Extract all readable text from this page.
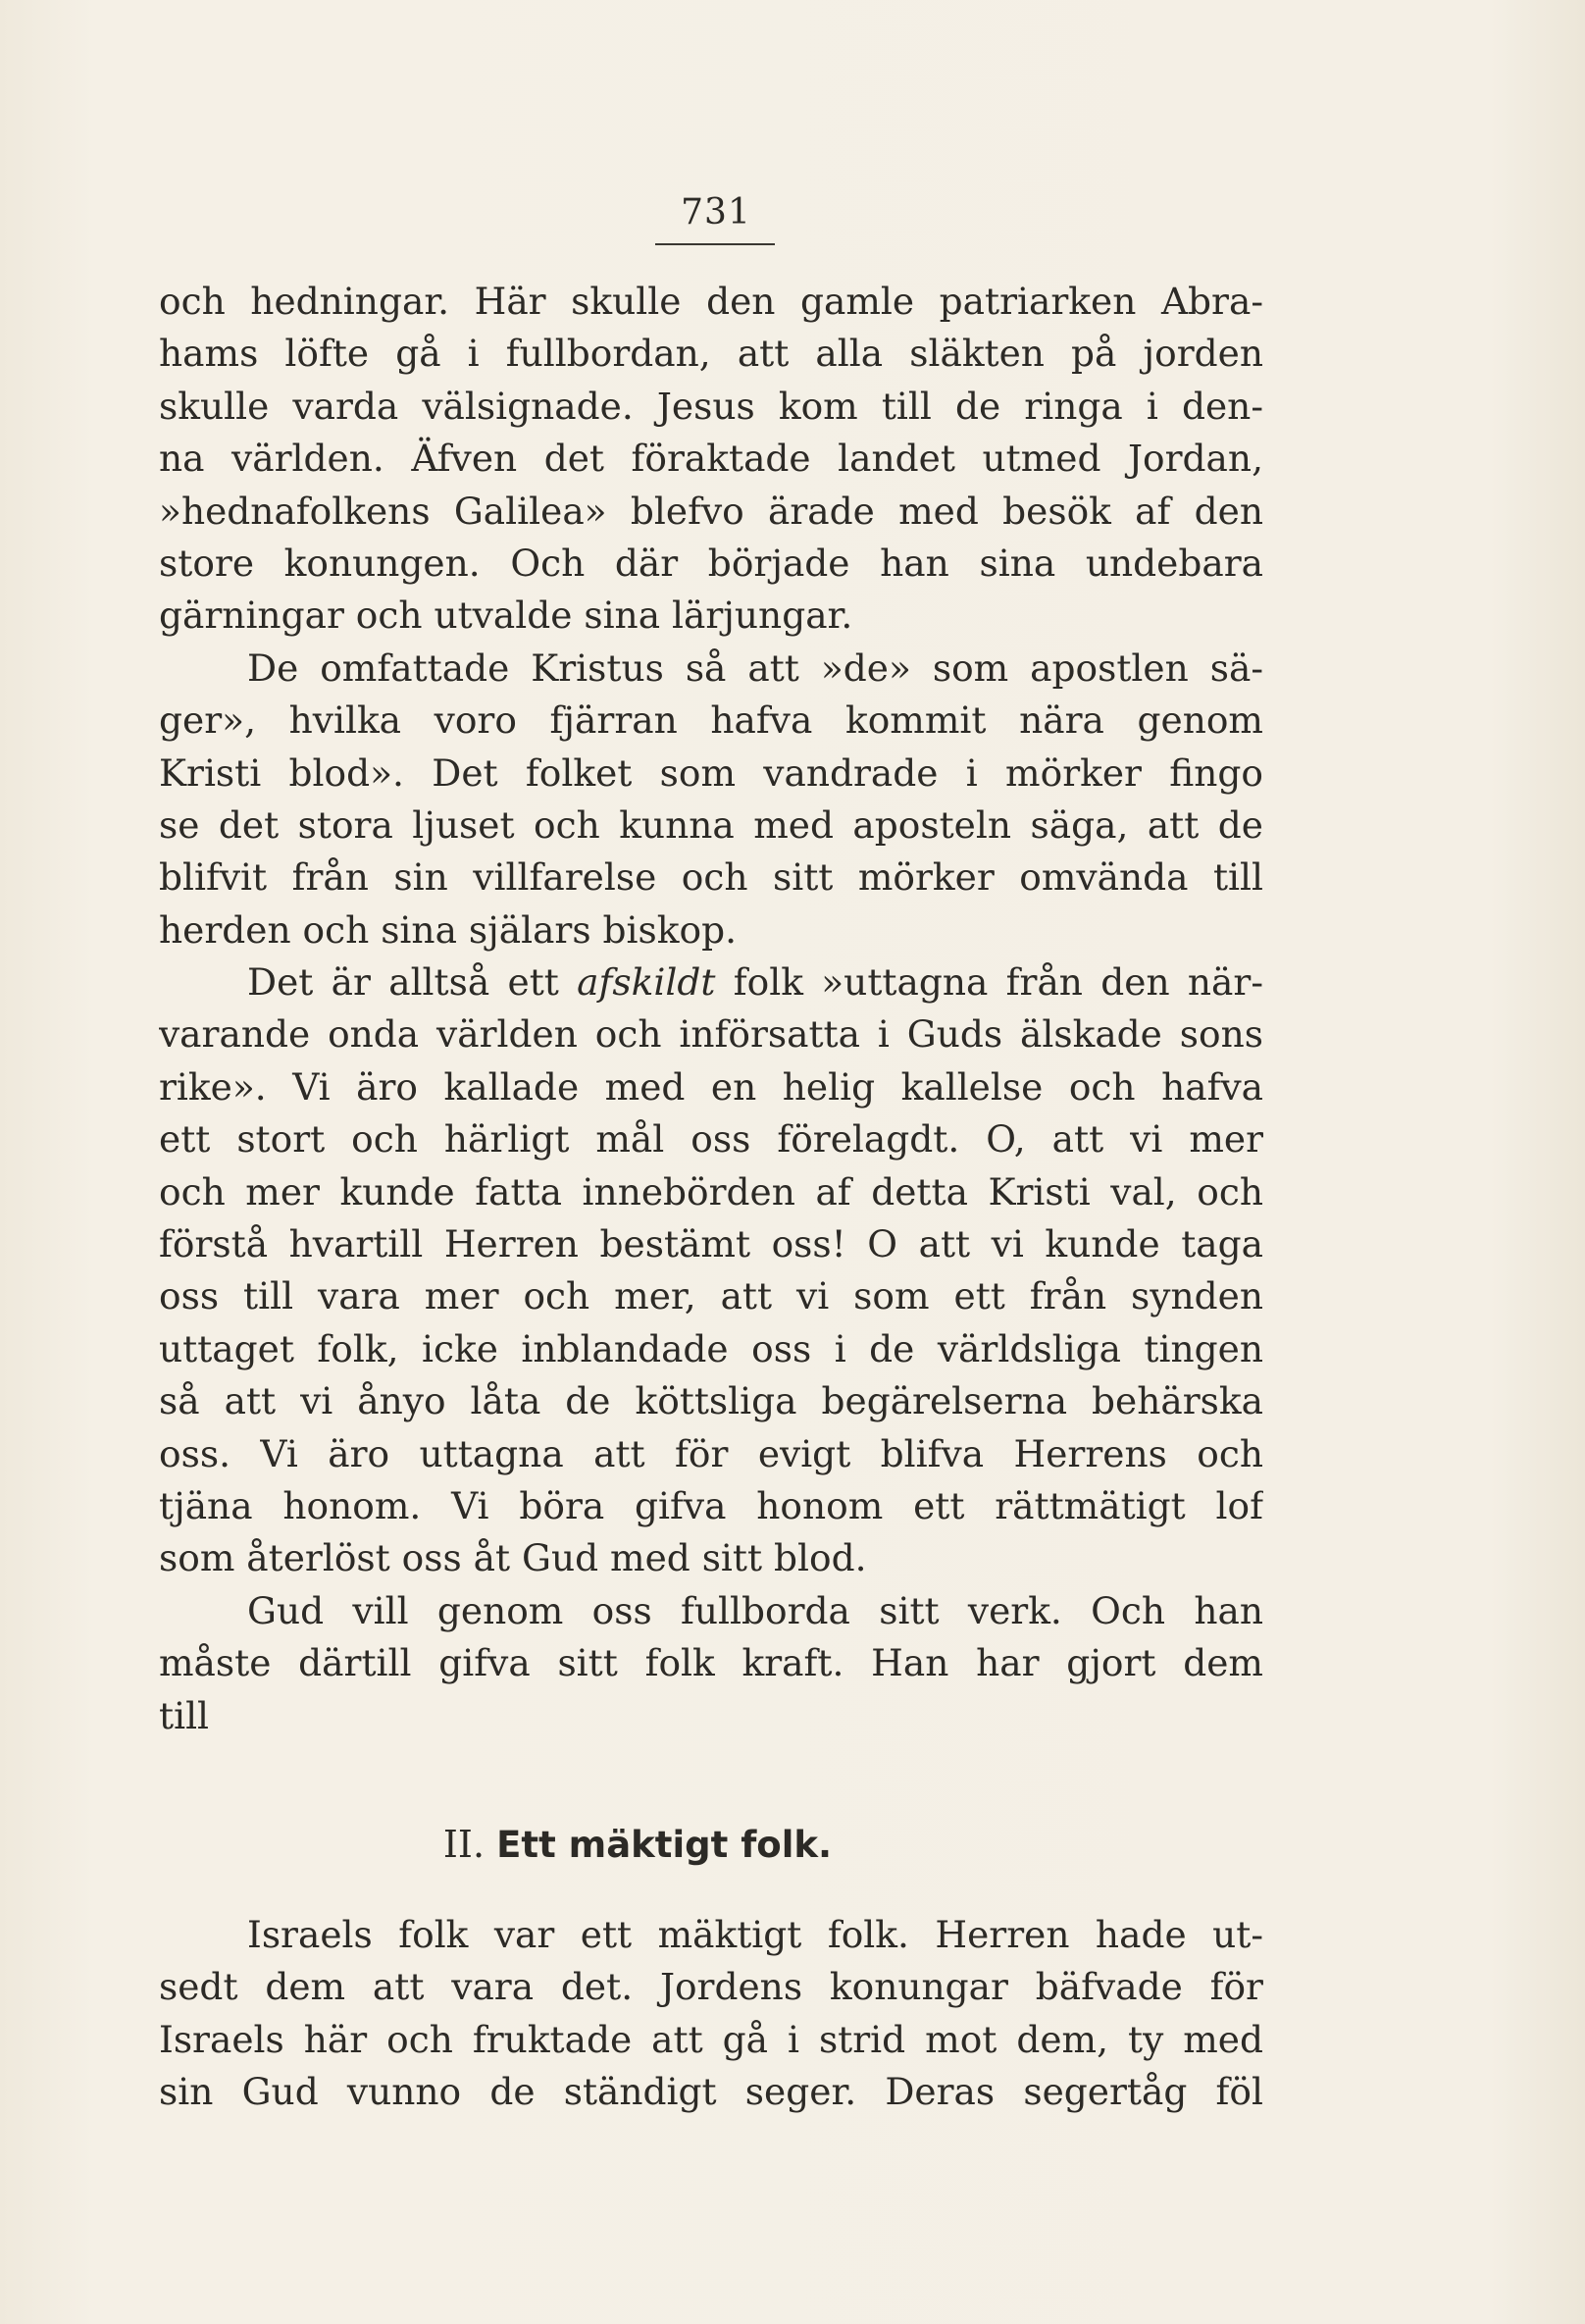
731
och hedningar. Här skulle den gamle patriarken Abra-
hams löfte gå i fullbordan, att alla släkten på jorden
skulle varda välsignade. Jesus kom till de ringa i den-
na världen. Äfven det föraktade landet utmed Jordan,
»hednafolkens Galilea» blefvo ärade med besök af den
store konungen. Och där började han sina undebara
gärningar och utvalde sina lärjungar.
De omfattade Kristus så att »de» som apostlen sä-
ger», hvilka voro fjärran hafva kommit nära genom
Kristi blod». Det folket som vandrade i mörker fingo
se det stora ljuset och kunna med aposteln säga, att de
blifvit från sin villfarelse och sitt mörker omvända till
herden och sina själars biskop.
Det är alltså ett afskildt folk »uttagna från den när-
varande onda världen och införsatta i Guds älskade sons
rike». Vi äro kallade med en helig kallelse och hafva
ett stort och härligt mål oss förelagdt. O, att vi mer
och mer kunde fatta innebörden af detta Kristi val, och
förstå hvartill Herren bestämt oss! O att vi kunde taga
oss till vara mer och mer, att vi som ett från synden
uttaget folk, icke inblandade oss i de världsliga tingen
så att vi ånyo låta de köttsliga begärelserna behärska
oss. Vi äro uttagna att för evigt blifva Herrens och
tjäna honom. Vi böra gifva honom ett rättmätigt lof
som återlöst oss åt Gud med sitt blod.
Gud vill genom oss fullborda sitt verk. Och han
måste därtill gifva sitt folk kraft. Han har gjort dem
till
II. Ett mäktigt folk.
Israels folk var ett mäktigt folk. Herren hade ut-
sedt dem att vara det. Jordens konungar bäfvade för
Israels här och fruktade att gå i strid mot dem, ty med
sin Gud vunno de ständigt seger. Deras segertåg föl
